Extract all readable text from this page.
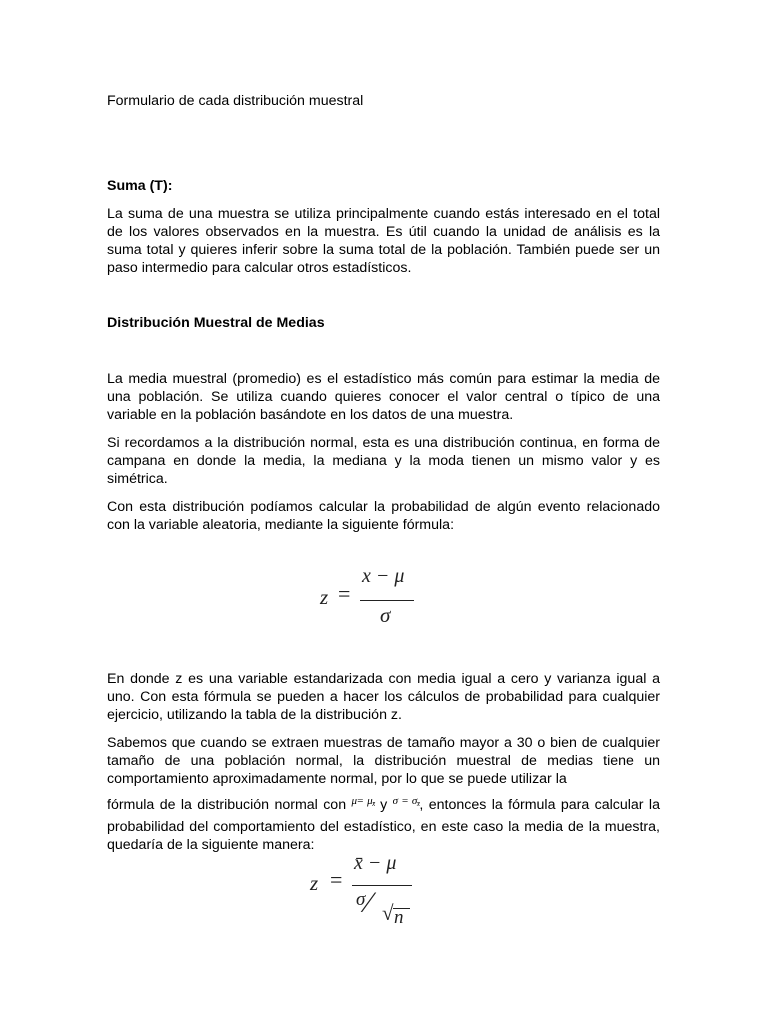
Formulario de cada distribución muestral

Suma (T):

La suma de una muestra se utiliza principalmente cuando estás interesado en el total de los valores observados en la muestra. Es útil cuando la unidad de análisis es la suma total y quieres inferir sobre la suma total de la población. También puede ser un paso intermedio para calcular otros estadísticos.

Distribución Muestral de Medias

La media muestral (promedio) es el estadístico más común para estimar la media de una población. Se utiliza cuando quieres conocer el valor central o típico de una variable en la población basándote en los datos de una muestra.

Si recordamos a la distribución normal, esta es una distribución continua, en forma de campana en donde la media, la mediana y la moda tienen un mismo valor y es simétrica.

Con esta distribución podíamos calcular la probabilidad de algún evento relacionado con la variable aleatoria, mediante la siguiente fórmula:

z =
x − μ
σ

En donde z es una variable estandarizada con media igual a cero y varianza igual a uno. Con esta fórmula se pueden a hacer los cálculos de probabilidad para cualquier ejercicio, utilizando la tabla de la distribución z.

Sabemos que cuando se extraen muestras de tamaño mayor a 30 o bien de cualquier tamaño de una población normal, la distribución muestral de medias tiene un comportamiento aproximadamente normal, por lo que se puede utilizar la

fórmula de la distribución normal con $^{\mu= \mu_{x̄}}$ y $^{\sigma = \sigma_{x̄}}$, entonces la fórmula para calcular la probabilidad del comportamiento del estadístico, en este caso la media de la muestra, quedaría de la siguiente manera:

z =
x̄ − μ
σ ⁄ √ n
